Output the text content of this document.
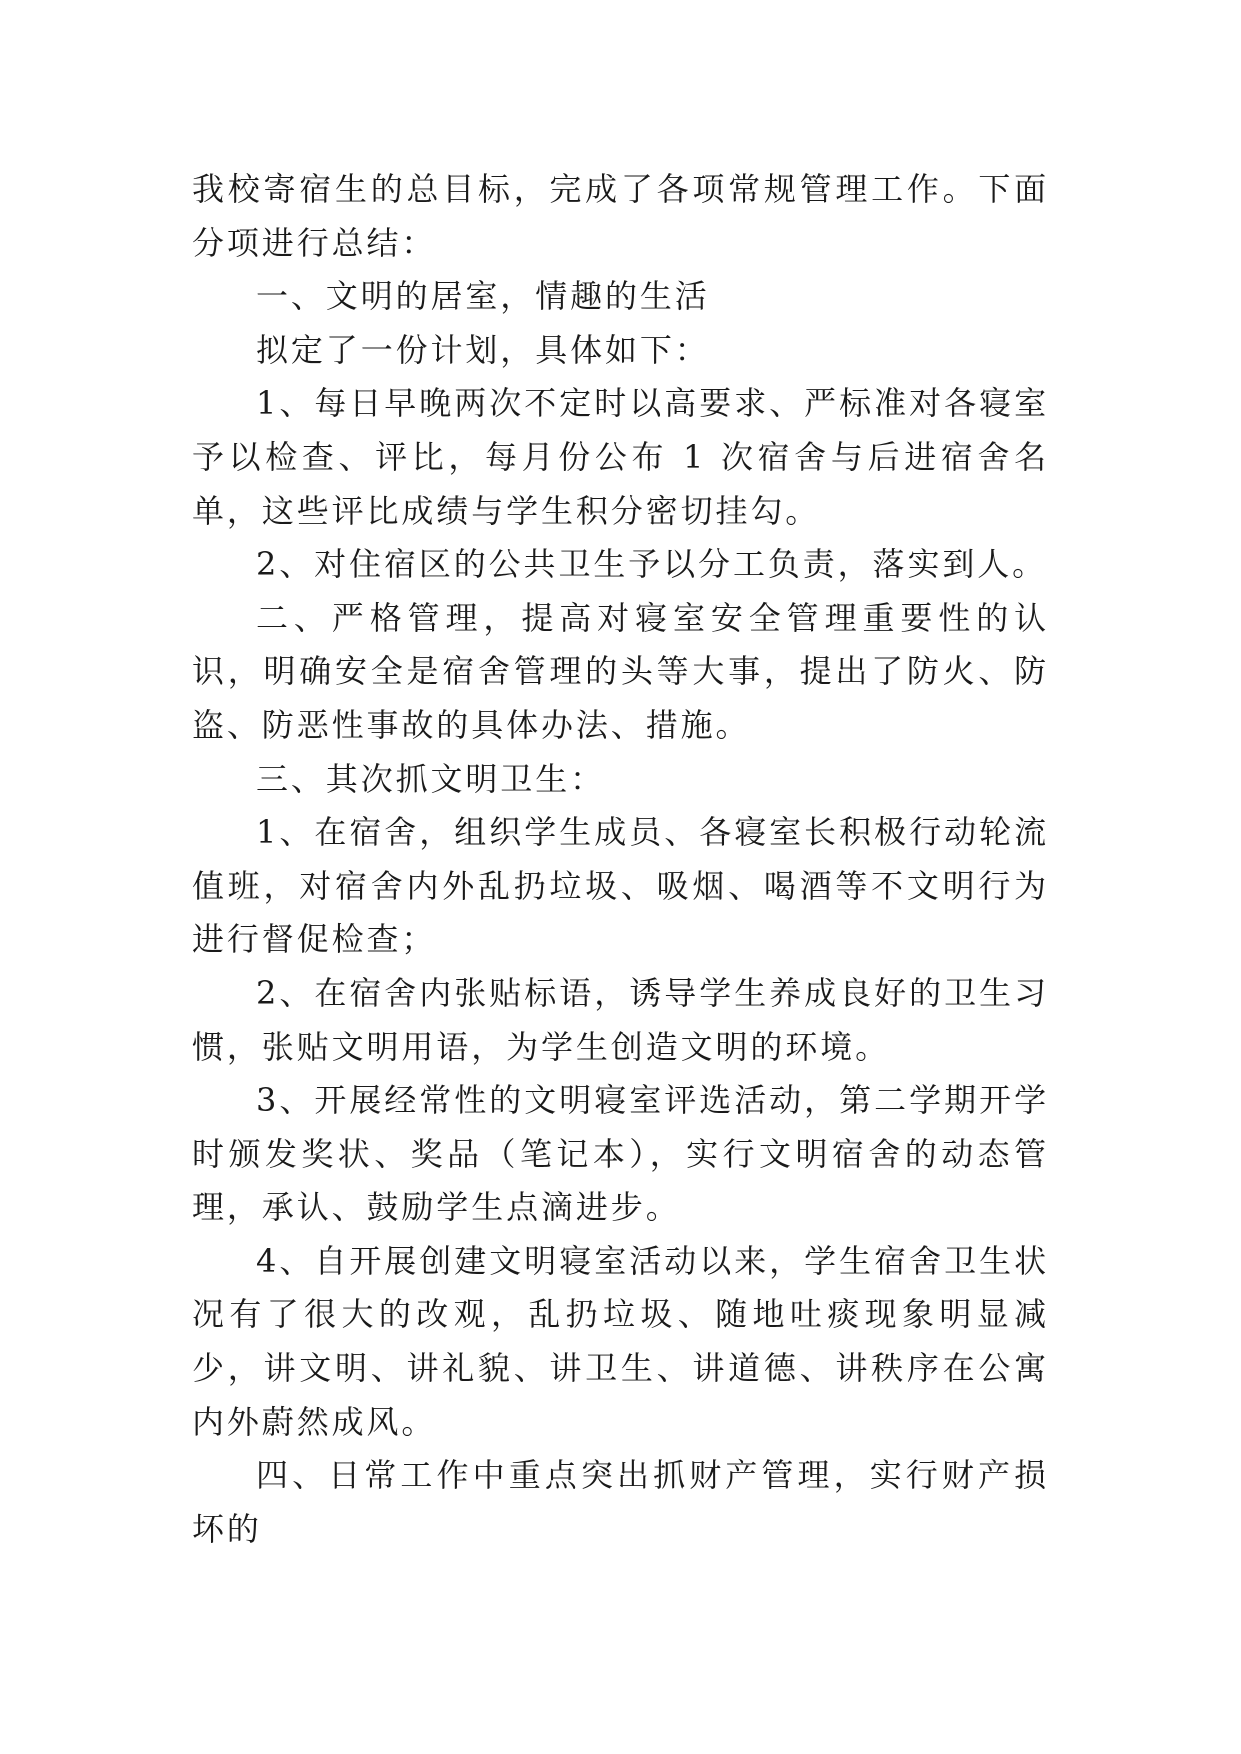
我校寄宿生的总目标，完成了各项常规管理工作。下面分项进行总结：

一、文明的居室，情趣的生活

拟定了一份计划，具体如下：

1、每日早晚两次不定时以高要求、严标准对各寝室予以检查、评比，每月份公布 1 次宿舍与后进宿舍名单，这些评比成绩与学生积分密切挂勾。

2、对住宿区的公共卫生予以分工负责，落实到人。

二、严格管理，提高对寝室安全管理重要性的认识，明确安全是宿舍管理的头等大事，提出了防火、防盗、防恶性事故的具体办法、措施。

三、其次抓文明卫生：

1、在宿舍，组织学生成员、各寝室长积极行动轮流值班，对宿舍内外乱扔垃圾、吸烟、喝酒等不文明行为进行督促检查；

2、在宿舍内张贴标语，诱导学生养成良好的卫生习惯，张贴文明用语，为学生创造文明的环境。

3、开展经常性的文明寝室评选活动，第二学期开学时颁发奖状、奖品（笔记本），实行文明宿舍的动态管理，承认、鼓励学生点滴进步。

4、自开展创建文明寝室活动以来，学生宿舍卫生状况有了很大的改观，乱扔垃圾、随地吐痰现象明显减少，讲文明、讲礼貌、讲卫生、讲道德、讲秩序在公寓内外蔚然成风。

四、日常工作中重点突出抓财产管理，实行财产损坏的
